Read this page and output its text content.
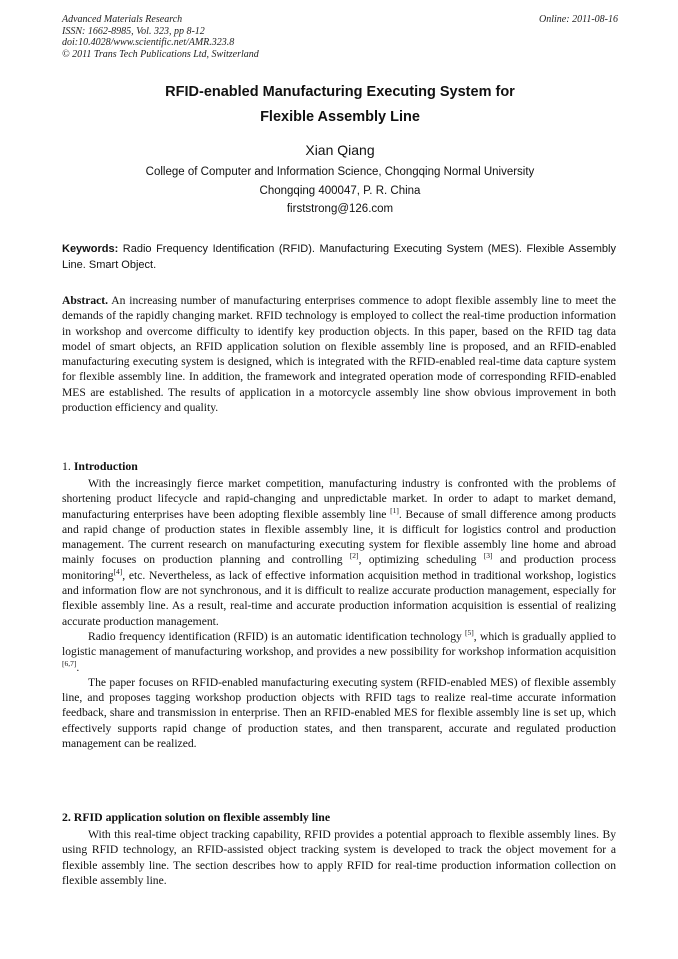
Advanced Materials Research
ISSN: 1662-8985, Vol. 323, pp 8-12
doi:10.4028/www.scientific.net/AMR.323.8
© 2011 Trans Tech Publications Ltd, Switzerland
Online: 2011-08-16
RFID-enabled Manufacturing Executing System for
Flexible Assembly Line
Xian Qiang
College of Computer and Information Science, Chongqing Normal University
Chongqing 400047, P. R. China
firststrong@126.com
Keywords: Radio Frequency Identification (RFID). Manufacturing Executing System (MES). Flexible Assembly Line. Smart Object.
Abstract. An increasing number of manufacturing enterprises commence to adopt flexible assembly line to meet the demands of the rapidly changing market. RFID technology is employed to collect the real-time production information in workshop and overcome difficulty to identify key production objects. In this paper, based on the RFID tag data model of smart objects, an RFID application solution on flexible assembly line is proposed, and an RFID-enabled manufacturing executing system is designed, which is integrated with the RFID-enabled real-time data capture system for flexible assembly line. In addition, the framework and integrated operation mode of corresponding RFID-enabled MES are established. The results of application in a motorcycle assembly line show obvious improvement in both production efficiency and quality.
1. Introduction

With the increasingly fierce market competition, manufacturing industry is confronted with the problems of shortening product lifecycle and rapid-changing and unpredictable market. In order to adapt to market demand, manufacturing enterprises have been adopting flexible assembly line [1]. Because of small difference among products and rapid change of production states in flexible assembly line, it is difficult for logistics control and production management. The current research on manufacturing executing system for flexible assembly line home and abroad mainly focuses on production planning and controlling [2], optimizing scheduling [3] and production process monitoring[4], etc. Nevertheless, as lack of effective information acquisition method in traditional workshop, logistics and information flow are not synchronous, and it is difficult to realize accurate production management, especially for flexible assembly line. As a result, real-time and accurate production information acquisition is essential of realizing accurate production management.

Radio frequency identification (RFID) is an automatic identification technology [5], which is gradually applied to logistic management of manufacturing workshop, and provides a new possibility for workshop information acquisition [6,7].

The paper focuses on RFID-enabled manufacturing executing system (RFID-enabled MES) of flexible assembly line, and proposes tagging workshop production objects with RFID tags to realize real-time accurate information feedback, share and transmission in enterprise. Then an RFID-enabled MES for flexible assembly line is set up, which effectively supports rapid change of production states, and then transparent, accurate and regulated production management can be realized.

2. RFID application solution on flexible assembly line

With this real-time object tracking capability, RFID provides a potential approach to flexible assembly lines. By using RFID technology, an RFID-assisted object tracking system is developed to track the object movement for a flexible assembly line. The section describes how to apply RFID for real-time production information collection on flexible assembly line.
